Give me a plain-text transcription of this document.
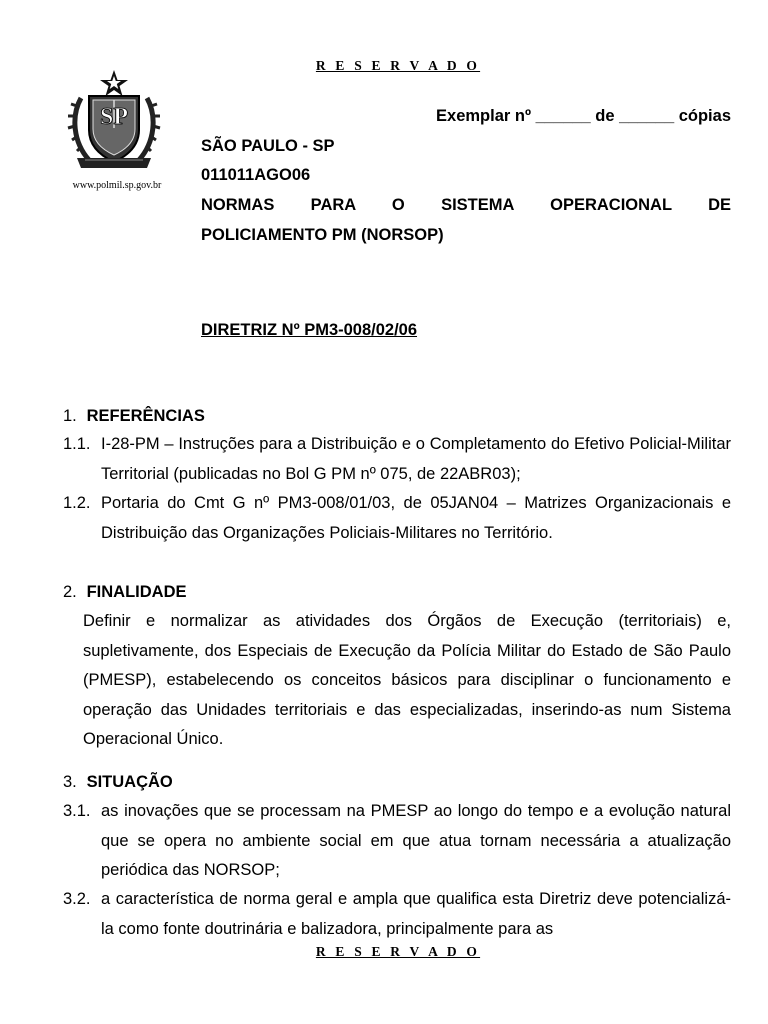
R E S E R V A D O
SP
www.polmil.sp.gov.br
Exemplar nº ______ de ______ cópias
SÃO PAULO - SP
011011AGO06
NORMAS PARA O SISTEMA OPERACIONAL DE
POLICIAMENTO PM (NORSOP)
DIRETRIZ Nº PM3-008/02/06
1. REFERÊNCIAS
1.1. I-28-PM – Instruções para a Distribuição e o Completamento do Efetivo Policial-Militar Territorial (publicadas no Bol G PM nº 075, de 22ABR03);
1.2. Portaria do Cmt G nº PM3-008/01/03, de 05JAN04 – Matrizes Organizacionais e Distribuição das Organizações Policiais-Militares no Território.
2. FINALIDADE
Definir e normalizar as atividades dos Órgãos de Execução (territoriais) e, supletivamente, dos Especiais de Execução da Polícia Militar do Estado de São Paulo (PMESP), estabelecendo os conceitos básicos para disciplinar o funcionamento e operação das Unidades territoriais e das especializadas, inserindo-as num Sistema Operacional Único.
3. SITUAÇÃO
3.1. as inovações que se processam na PMESP ao longo do tempo e a evolução natural que se opera no ambiente social em que atua tornam necessária a atualização periódica das NORSOP;
3.2. a característica de norma geral e ampla que qualifica esta Diretriz deve potencializá-la como fonte doutrinária e balizadora, principalmente para as
R E S E R V A D O
